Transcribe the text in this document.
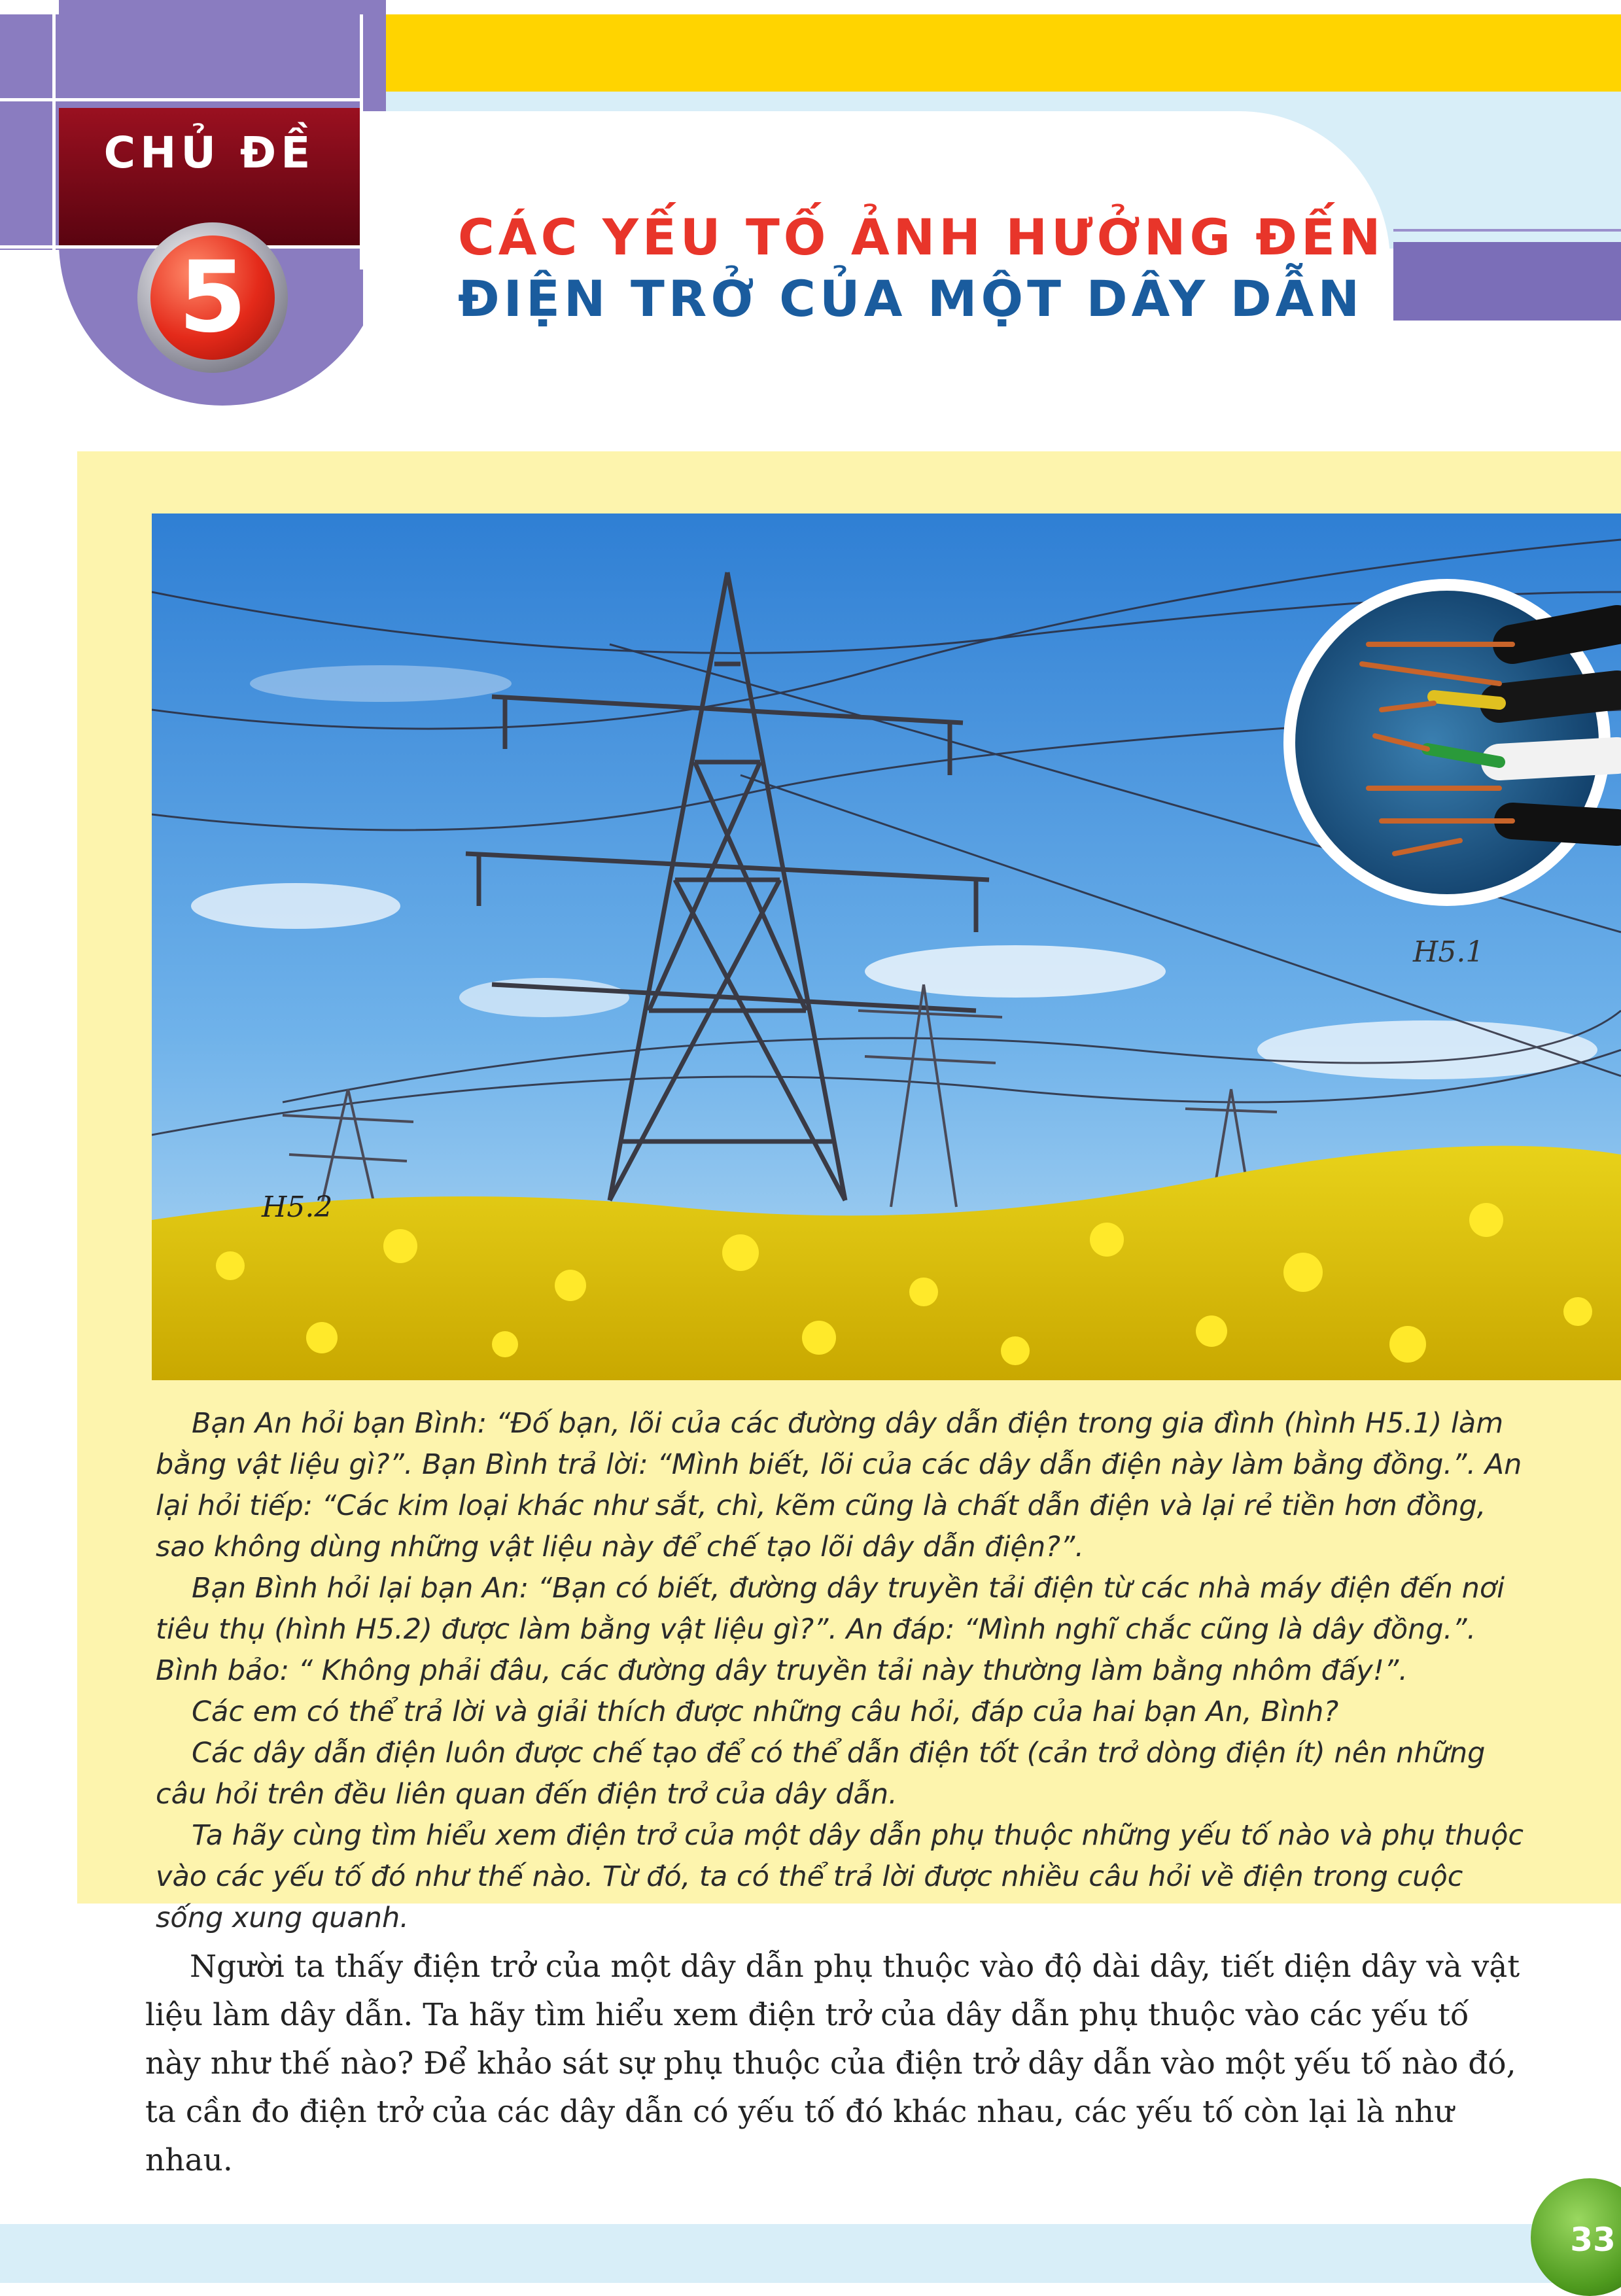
CHỦ ĐỀ
5
CÁC YẾU TỐ ẢNH HƯỞNG ĐẾN
ĐIỆN TRỞ CỦA MỘT DÂY DẪN
H5.1
H5.2

Bạn An hỏi bạn Bình: “Đố bạn, lõi của các đường dây dẫn điện trong gia đình (hình H5.1) làm bằng vật liệu gì?”. Bạn Bình trả lời: “Mình biết, lõi của các dây dẫn điện này làm bằng đồng.”. An lại hỏi tiếp: “Các kim loại khác như sắt, chì, kẽm cũng là chất dẫn điện và lại rẻ tiền hơn đồng, sao không dùng những vật liệu này để chế tạo lõi dây dẫn điện?”.

Bạn Bình hỏi lại bạn An: “Bạn có biết, đường dây truyền tải điện từ các nhà máy điện đến nơi tiêu thụ (hình H5.2) được làm bằng vật liệu gì?”. An đáp: “Mình nghĩ chắc cũng là dây đồng.”. Bình bảo: “ Không phải đâu, các đường dây truyền tải này thường làm bằng nhôm đấy!”.

Các em có thể trả lời và giải thích được những câu hỏi, đáp của hai bạn An, Bình?

Các dây dẫn điện luôn được chế tạo để có thể dẫn điện tốt (cản trở dòng điện ít) nên những câu hỏi trên đều liên quan đến điện trở của dây dẫn.

Ta hãy cùng tìm hiểu xem điện trở của một dây dẫn phụ thuộc những yếu tố nào và phụ thuộc vào các yếu tố đó như thế nào. Từ đó, ta có thể trả lời được nhiều câu hỏi về điện trong cuộc sống xung quanh.

Người ta thấy điện trở của một dây dẫn phụ thuộc vào độ dài dây, tiết diện dây và vật liệu làm dây dẫn. Ta hãy tìm hiểu xem điện trở của dây dẫn phụ thuộc vào các yếu tố này như thế nào? Để khảo sát sự phụ thuộc của điện trở dây dẫn vào một yếu tố nào đó, ta cần đo điện trở của các dây dẫn có yếu tố đó khác nhau, các yếu tố còn lại là như nhau.

33
